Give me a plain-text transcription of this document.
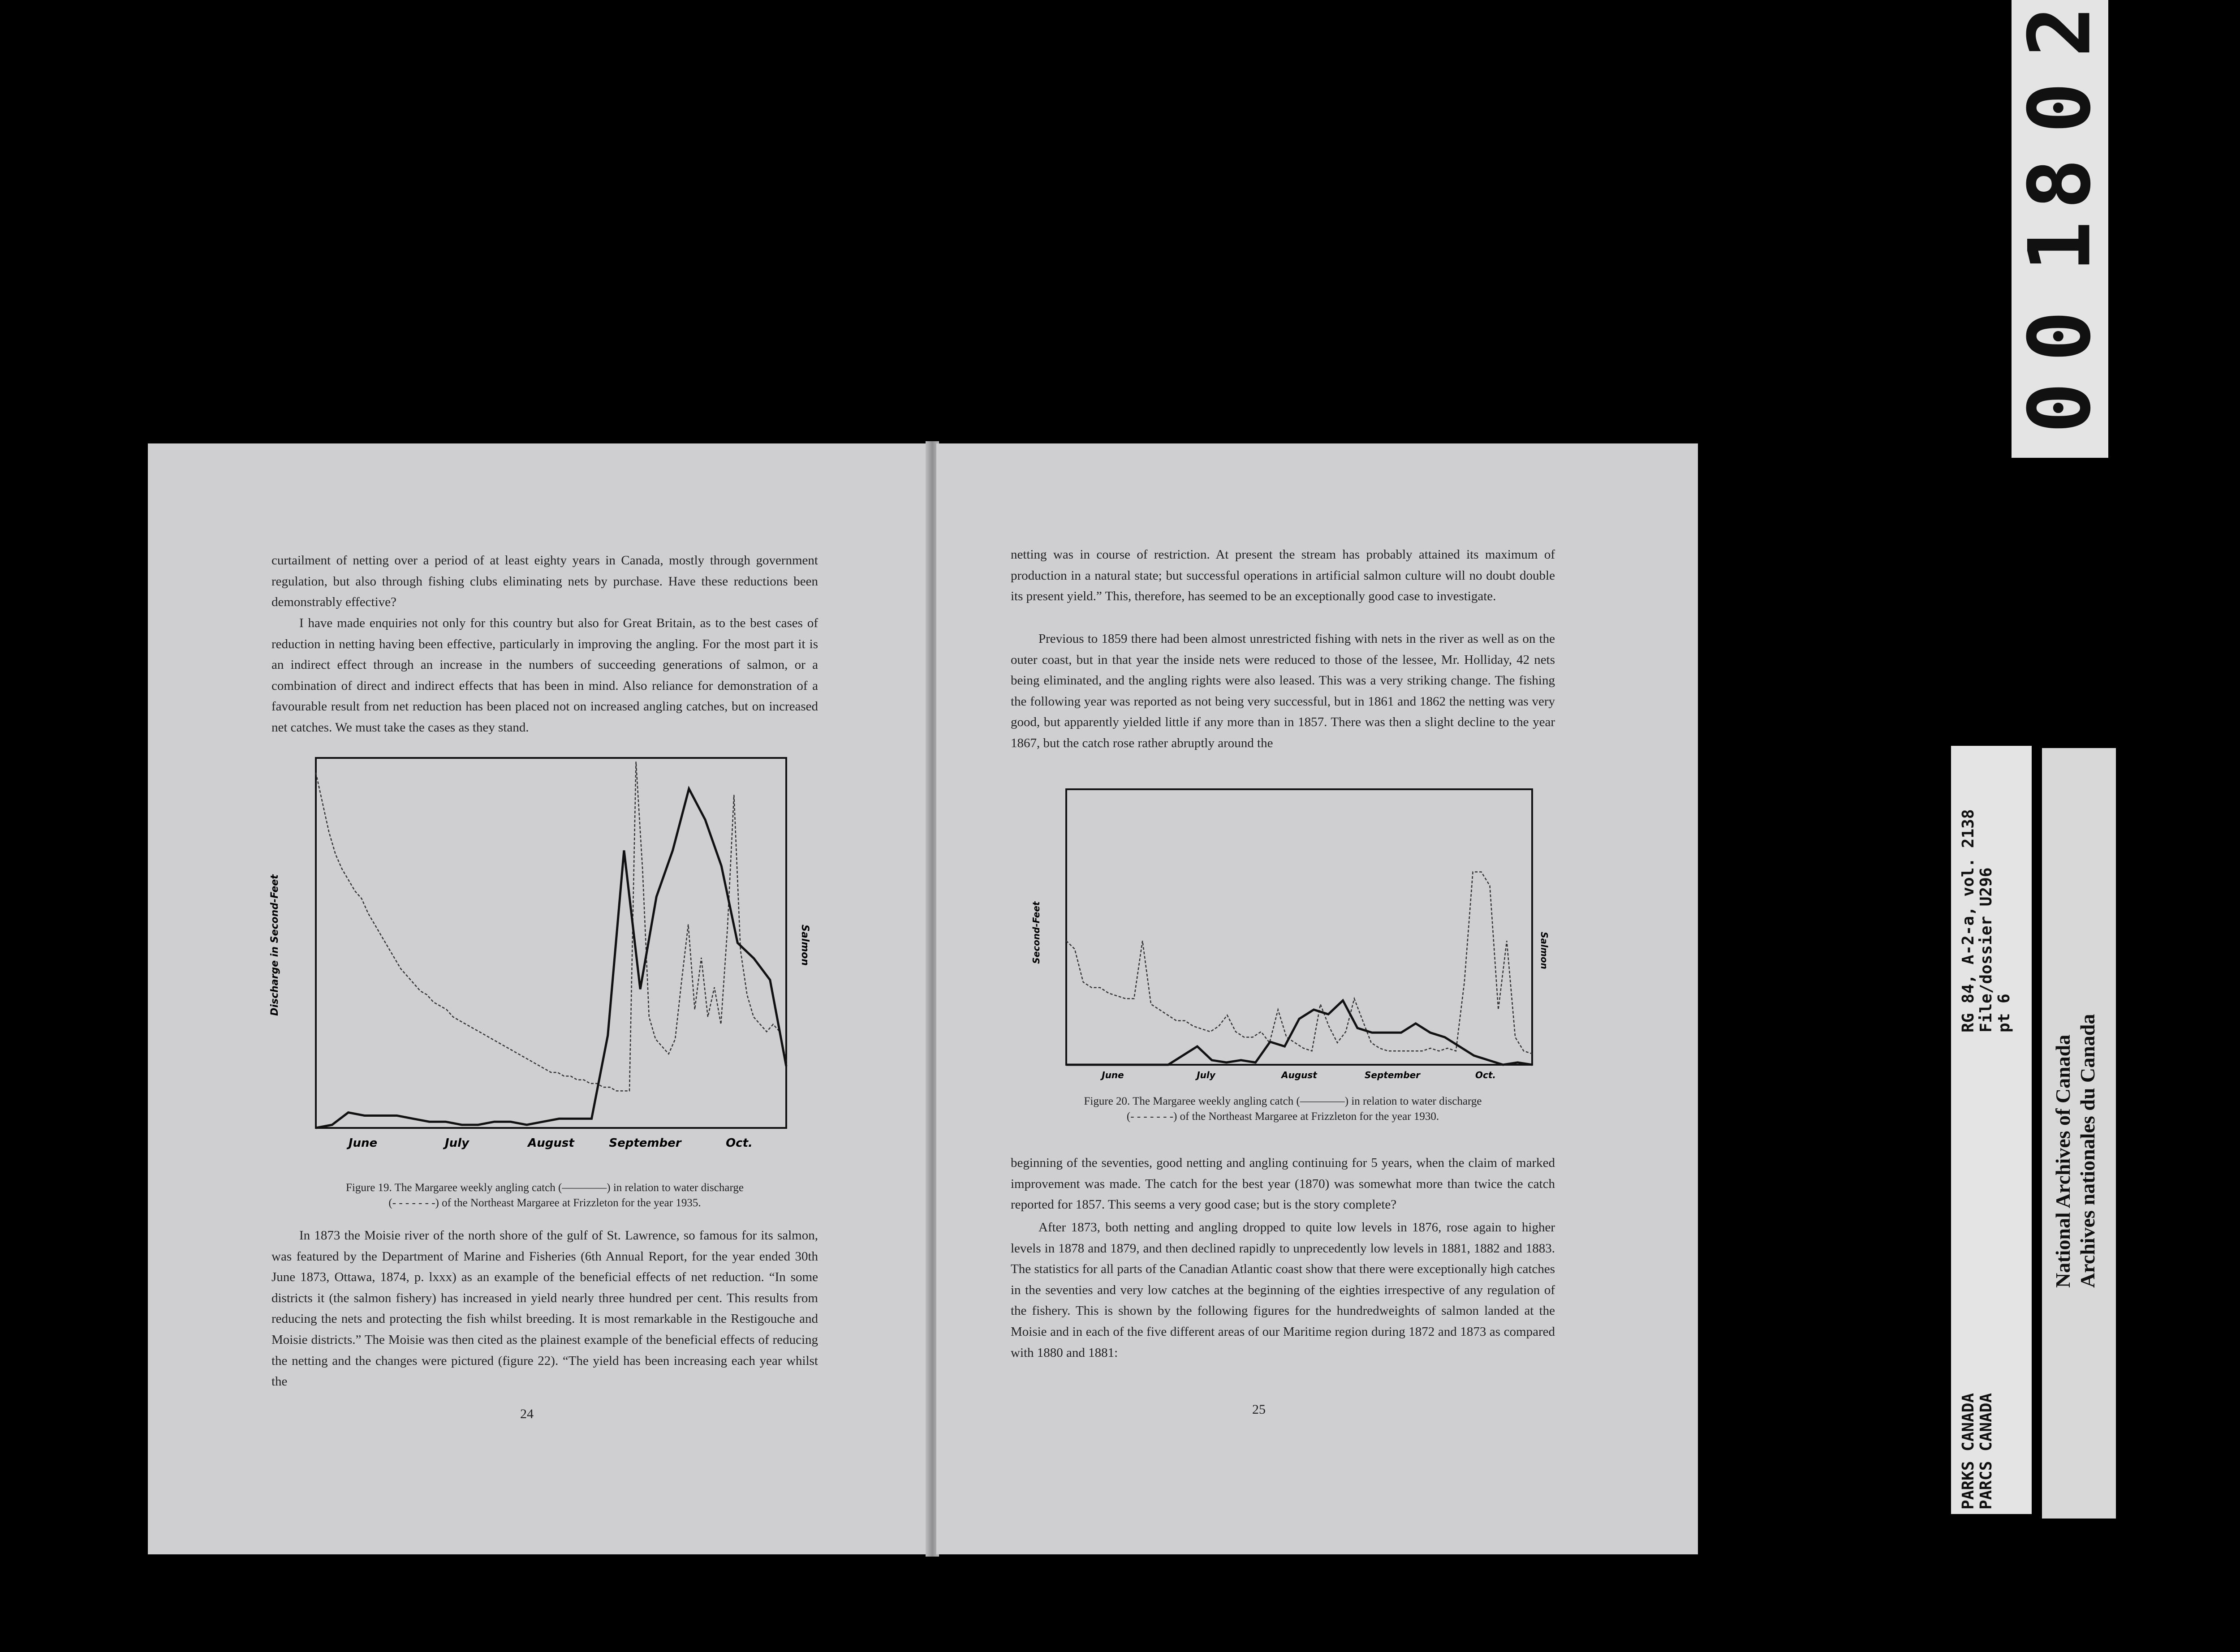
curtailment of netting over a period of at least eighty years in Canada, mostly through government regulation, but also through fishing clubs eliminating nets by purchase. Have these reductions been demonstrably effective?

I have made enquiries not only for this country but also for Great Britain, as to the best cases of reduction in netting having been effective, particularly in improving the angling. For the most part it is an indirect effect through an increase in the numbers of succeeding generations of salmon, or a combination of direct and indirect effects that has been in mind. Also reliance for demonstration of a favourable result from net reduction has been placed not on increased angling catches, but on increased net catches. We must take the cases as they stand.

Discharge in Second-Feet	Salmon
June	July	August	September	Oct.

Figure 19. The Margaree weekly angling catch (————) in relation to water discharge
(- - - - - - -) of the Northeast Margaree at Frizzleton for the year 1935.

In 1873 the Moisie river of the north shore of the gulf of St. Lawrence, so famous for its salmon, was featured by the Department of Marine and Fisheries (6th Annual Report, for the year ended 30th June 1873, Ottawa, 1874, p. lxxx) as an example of the beneficial effects of net reduction. “In some districts it (the salmon fishery) has increased in yield nearly three hundred per cent. This results from reducing the nets and protecting the fish whilst breeding. It is most remarkable in the Restigouche and Moisie districts.” The Moisie was then cited as the plainest example of the beneficial effects of reducing the netting and the changes were pictured (figure 22). “The yield has been increasing each year whilst the

24

netting was in course of restriction. At present the stream has probably attained its maximum of production in a natural state; but successful operations in artificial salmon culture will no doubt double its present yield.” This, therefore, has seemed to be an exceptionally good case to investigate.

Previous to 1859 there had been almost unrestricted fishing with nets in the river as well as on the outer coast, but in that year the inside nets were reduced to those of the lessee, Mr. Holliday, 42 nets being eliminated, and the angling rights were also leased. This was a very striking change. The fishing the following year was reported as not being very successful, but in 1861 and 1862 the netting was very good, but apparently yielded little if any more than in 1857. There was then a slight decline to the year 1867, but the catch rose rather abruptly around the

Second-Feet	Salmon
June	July	August	September	Oct.

Figure 20. The Margaree weekly angling catch (————) in relation to water discharge
(- - - - - - -) of the Northeast Margaree at Frizzleton for the year 1930.

beginning of the seventies, good netting and angling continuing for 5 years, when the claim of marked improvement was made. The catch for the best year (1870) was somewhat more than twice the catch reported for 1857. This seems a very good case; but is the story complete?

After 1873, both netting and angling dropped to quite low levels in 1876, rose again to higher levels in 1878 and 1879, and then declined rapidly to unprecedently low levels in 1881, 1882 and 1883. The statistics for all parts of the Canadian Atlantic coast show that there were exceptionally high catches in the seventies and very low catches at the beginning of the eighties irrespective of any regulation of the fishery. This is shown by the following figures for the hundredweights of salmon landed at the Moisie and in each of the five different areas of our Maritime region during 1872 and 1873 as compared with 1880 and 1881:

25
2
0
8
1
0
0
RG 84, A-2-a, vol. 2138 File/dossier U296 pt 6
PARKS CANADA PARCS CANADA
National Archives of Canada Archives nationales du Canada
